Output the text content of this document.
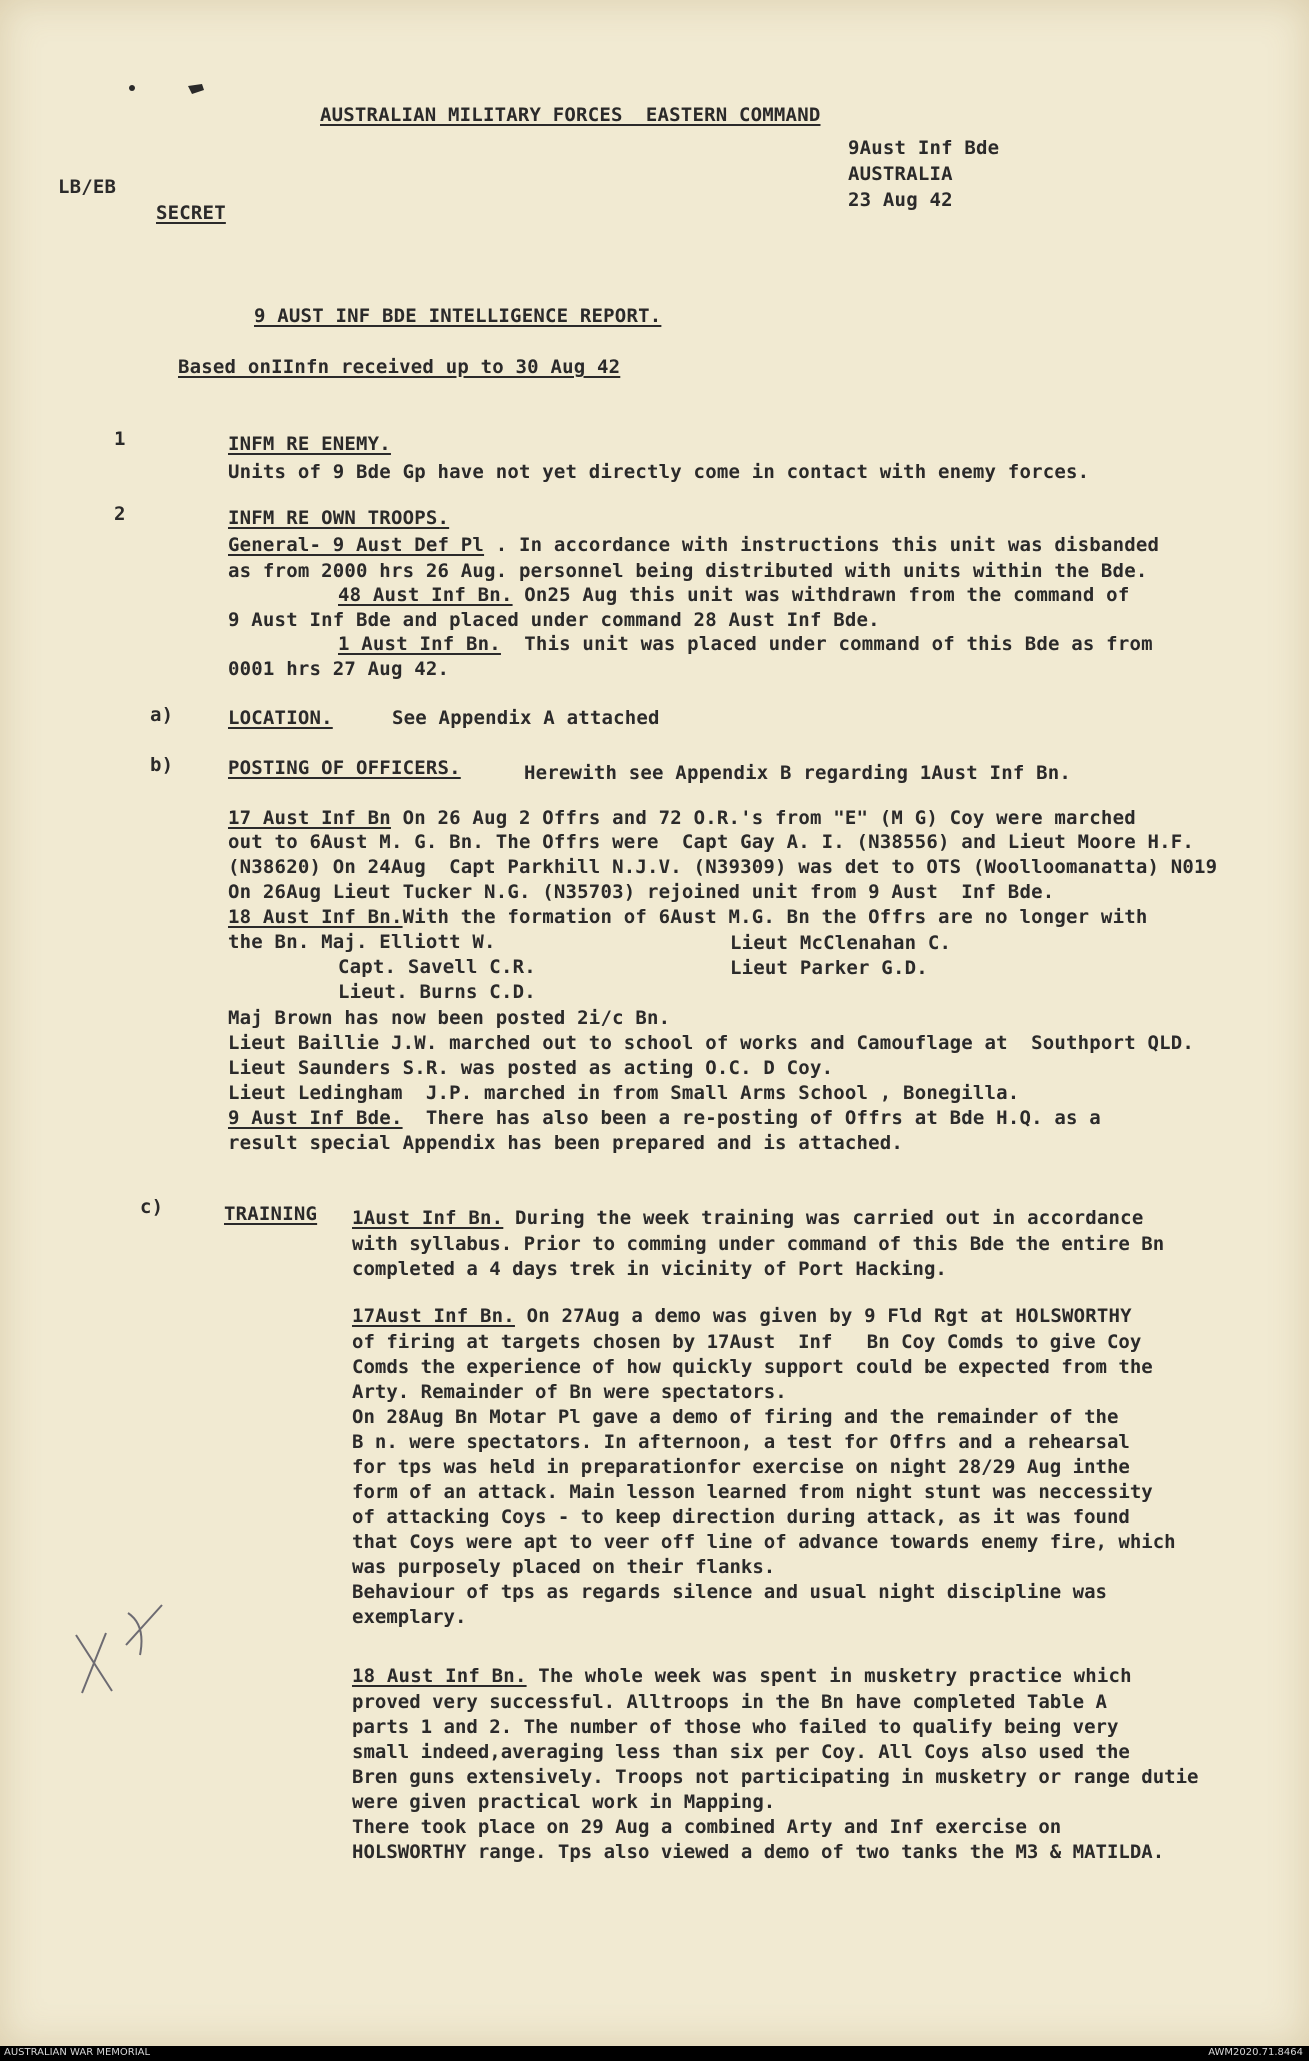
AUSTRALIAN MILITARY FORCES  EASTERN COMMAND

9Aust Inf Bde

AUSTRALIA

23 Aug 42

LB/EB

SECRET

9 AUST INF BDE INTELLIGENCE REPORT.

Based onIInfn received up to 30 Aug 42

1	INFM RE ENEMY.

Units of 9 Bde Gp have not yet directly come in contact with enemy forces.

2	INFM RE OWN TROOPS.

General- 9 Aust Def Pl . In accordance with instructions this unit was disbanded

as from 2000 hrs 26 Aug. personnel being distributed with units within the Bde.

48 Aust Inf Bn. On25 Aug this unit was withdrawn from the command of

9 Aust Inf Bde and placed under command 28 Aust Inf Bde.

1 Aust Inf Bn.  This unit was placed under command of this Bde as from

0001 hrs 27 Aug 42.

a)	LOCATION.	See Appendix A attached

b)	POSTING OF OFFICERS.	Herewith see Appendix B regarding 1Aust Inf Bn.

17 Aust Inf Bn On 26 Aug 2 Offrs and 72 O.R.'s from "E" (M G) Coy were marched

out to 6Aust M. G. Bn. The Offrs were  Capt Gay A. I. (N38556) and Lieut Moore H.F.

(N38620) On 24Aug  Capt Parkhill N.J.V. (N39309) was det to OTS (Woolloomanatta) N019

On 26Aug Lieut Tucker N.G. (N35703) rejoined unit from 9 Aust  Inf Bde.

18 Aust Inf Bn.With the formation of 6Aust M.G. Bn the Offrs are no longer with

the Bn. Maj. Elliott W.	Lieut McClenahan C.

Capt. Savell C.R.	Lieut Parker G.D.

Lieut. Burns C.D.

Maj Brown has now been posted 2i/c Bn.

Lieut Baillie J.W. marched out to school of works and Camouflage at  Southport QLD.

Lieut Saunders S.R. was posted as acting O.C. D Coy.

Lieut Ledingham  J.P. marched in from Small Arms School , Bonegilla.

9 Aust Inf Bde.  There has also been a re-posting of Offrs at Bde H.Q. as a

result special Appendix has been prepared and is attached.

c)	TRAINING 1Aust Inf Bn. During the week training was carried out in accordance

with syllabus. Prior to comming under command of this Bde the entire Bn
completed a 4 days trek in vicinity of Port Hacking.

17Aust Inf Bn. On 27Aug a demo was given by 9 Fld Rgt at HOLSWORTHY

of firing at targets chosen by 17Aust  Inf   Bn Coy Comds to give Coy
Comds the experience of how quickly support could be expected from the
Arty. Remainder of Bn were spectators.
On 28Aug Bn Motar Pl gave a demo of firing and the remainder of the
B n. were spectators. In afternoon, a test for Offrs and a rehearsal
for tps was held in preparationfor exercise on night 28/29 Aug inthe
form of an attack. Main lesson learned from night stunt was neccessity
of attacking Coys - to keep direction during attack, as it was found
that Coys were apt to veer off line of advance towards enemy fire, which
was purposely placed on their flanks.
Behaviour of tps as regards silence and usual night discipline was
exemplary.

18 Aust Inf Bn. The whole week was spent in musketry practice which

proved very successful. Alltroops in the Bn have completed Table A
parts 1 and 2. The number of those who failed to qualify being very
small indeed,averaging less than six per Coy. All Coys also used the
Bren guns extensively. Troops not participating in musketry or range dutie
were given practical work in Mapping.
There took place on 29 Aug a combined Arty and Inf exercise on
HOLSWORTHY range. Tps also viewed a demo of two tanks the M3 & MATILDA.
AUSTRALIAN WAR MEMORIAL	AWM2020.71.8464
